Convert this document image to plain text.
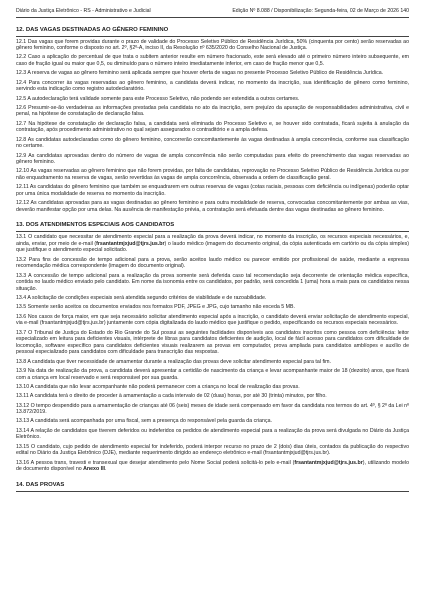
Diário da Justiça Eletrônico - RS - Administrativo e Judicial	Edição Nº 8.088 / Disponibilização: Segunda-feira, 02 de Março de 2026 140
12. DAS VAGAS DESTINADAS AO GÊNERO FEMININO

12.1 Das vagas que forem providas durante o prazo de validade do Processo Seletivo Público de Residência Jurídica, 50% (cinquenta por cento) serão reservadas ao gênero feminino, conforme o disposto no art. 2º, §2º-A, inciso II, da Resolução nº 635/2020 do Conselho Nacional de Justiça.

12.2 Caso a aplicação do percentual de que trata o subitem anterior resulte em número fracionado, este será elevado até o primeiro número inteiro subsequente, em caso de fração igual ou maior que 0,5, ou diminuído para o número inteiro imediatamente inferior, em caso de fração menor que 0,5.

12.3 A reserva de vagas ao gênero feminino será aplicada sempre que houver oferta de vagas no presente Processo Seletivo Público de Residência Jurídica.

12.4 Para concorrer às vagas reservadas ao gênero feminino, a candidata deverá indicar, no momento da inscrição, sua identificação de gênero como feminino, servindo esta indicação como registro autodeclaratório.

12.5 A autodeclaração terá validade somente para este Processo Seletivo, não podendo ser estendida a outros certames.

12.6 Presumir-se-ão verdadeiras as informações prestadas pela candidata no ato da inscrição, sem prejuízo da apuração de responsabilidades administrativa, civil e penal, na hipótese de constatação de declaração falsa.

12.7 Na hipótese de constatação de declaração falsa, a candidata será eliminada do Processo Seletivo e, se houver sido contratada, ficará sujeita à anulação da contratação, após procedimento administrativo no qual sejam assegurados o contraditório e a ampla defesa.

12.8 As candidatas autodeclaradas como do gênero feminino, concorrerão concomitantemente às vagas destinadas à ampla concorrência, conforme sua classificação no certame.

12.9 As candidatas aprovadas dentro do número de vagas de ampla concorrência não serão computadas para efeito do preenchimento das vagas reservadas ao gênero feminino.

12.10 As vagas reservadas ao gênero feminino que não forem providas, por falta de candidatas, reprovação no Processo Seletivo Público de Residência Jurídica ou por não enquadramento na reserva de vagas, serão revertidas às vagas de ampla concorrência, observada a ordem de classificação geral.

12.11 As candidatas do gênero feminino que também se enquadrarem em outras reservas de vagas (cotas raciais, pessoas com deficiência ou indígenas) poderão optar por uma única modalidade de reserva no momento da inscrição.

12.12 As candidatas aprovadas para as vagas destinadas ao gênero feminino e para outra modalidade de reserva, convocadas concomitantemente por ambas as vias, deverão manifestar opção por uma delas. Na ausência de manifestação prévia, a contratação será efetuada dentre das vagas destinadas ao gênero feminino.

13. DOS ATENDIMENTOS ESPECIAIS AOS CANDIDATOS

13.1 O candidato que necessitar de atendimento especial para a realização da prova deverá indicar, no momento da inscrição, os recursos especiais necessários, e, ainda, enviar, por meio de e-mail (frsantantmjxjud@tjrs.jus.br) o laudo médico (imagem do documento original, da cópia autenticada em cartório ou da cópia simples) que justifique o atendimento especial solicitado.

13.2 Para fins de concessão de tempo adicional para a prova, serão aceitos laudo médico ou parecer emitido por profissional de saúde, mediante a expressa recomendação médica correspondente (imagem do documento original).

13.3 A concessão de tempo adicional para a realização da prova somente será deferida caso tal recomendação seja decorrente de orientação médica específica, contida no laudo médico enviado pelo candidato. Em nome da isonomia entre os candidatos, por padrão, será concedida 1 (uma) hora a mais para os candidatos nessa situação.

13.4 A solicitação de condições especiais será atendida segundo critérios de viabilidade e de razoabilidade.

13.5 Somente serão aceitos os documentos enviados nos formatos PDF, JPEG e JPG, cujo tamanho não exceda 5 MB.

13.6 Nos casos de força maior, em que seja necessário solicitar atendimento especial após a inscrição, o candidato deverá enviar solicitação de atendimento especial, via e-mail (frsantantmjxjud@tjrs.jus.br) juntamente com cópia digitalizada do laudo médico que justifique o pedido, especificando os recursos especiais necessários.

13.7 O Tribunal de Justiça do Estado do Rio Grande do Sul possui as seguintes facilidades disponíveis aos candidatos inscritos como pessoa com deficiência: leitor especializado em leitura para deficientes visuais, intérprete de libras para candidatos deficientes de audição, local de fácil acesso para candidatos com dificuldade de locomoção, software específico para candidatos deficientes visuais realizarem as provas em computador, prova ampliada para candidatos amblíopes e auxílio de pessoal especializado para candidatos com dificuldade para transcrição das respostas.

13.8 A candidata que tiver necessidade de amamentar durante a realização das provas deve solicitar atendimento especial para tal fim.

13.9 Na data de realização da prova, a candidata deverá apresentar a certidão de nascimento da criança e levar acompanhante maior de 18 (dezoito) anos, que ficará com a criança em local reservado e será responsável por sua guarda.

13.10 A candidata que não levar acompanhante não poderá permanecer com a criança no local de realização das provas.

13.11 A candidata terá o direito de proceder à amamentação a cada intervalo de 02 (duas) horas, por até 30 (trinta) minutos, por filho.

13.12 O tempo despendido para a amamentação de crianças até 06 (seis) meses de idade será compensado em favor da candidata nos termos do art. 4º, § 2º da Lei nº 13.872/2019.

13.13 A candidata será acompanhada por uma fiscal, sem a presença do responsável pela guarda da criança.

13.14 A relação de candidatos que tiverem deferidos ou indeferidos os pedidos de atendimento especial para a realização da prova será divulgada no Diário da Justiça Eletrônico.

13.15 O candidato, cujo pedido de atendimento especial for indeferido, poderá interpor recurso no prazo de 2 (dois) dias úteis, contados da publicação do respectivo edital no Diário da Justiça Eletrônico (DJE), mediante requerimento dirigido ao endereço eletrônico e-mail (frsantantmjxjud@tjrs.jus.br).

13.16 A pessoa trans, travesti e transexual que desejar atendimento pelo Nome Social poderá solicitá-lo pelo e-mail (frsantantmjxjud@tjrs.jus.br), utilizando modelo de documento disponível no Anexo III.

14. DAS PROVAS
